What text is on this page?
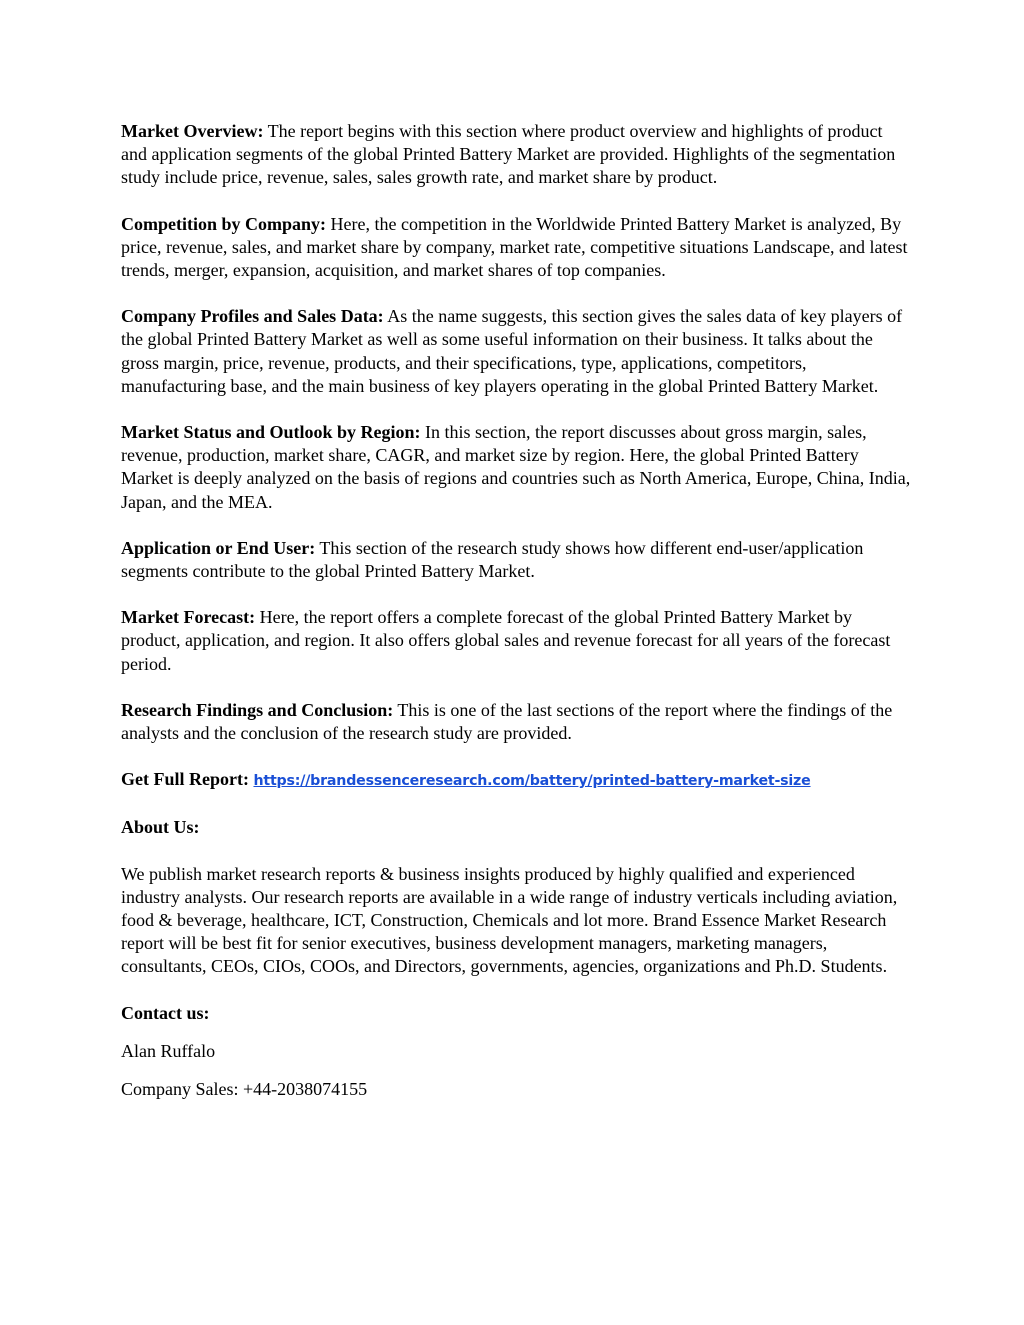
Market Overview: The report begins with this section where product overview and highlights of product and application segments of the global Printed Battery Market are provided. Highlights of the segmentation study include price, revenue, sales, sales growth rate, and market share by product.

Competition by Company: Here, the competition in the Worldwide Printed Battery Market is analyzed, By price, revenue, sales, and market share by company, market rate, competitive situations Landscape, and latest trends, merger, expansion, acquisition, and market shares of top companies.

Company Profiles and Sales Data: As the name suggests, this section gives the sales data of key players of the global Printed Battery Market as well as some useful information on their business. It talks about the gross margin, price, revenue, products, and their specifications, type, applications, competitors, manufacturing base, and the main business of key players operating in the global Printed Battery Market.

Market Status and Outlook by Region: In this section, the report discusses about gross margin, sales, revenue, production, market share, CAGR, and market size by region. Here, the global Printed Battery Market is deeply analyzed on the basis of regions and countries such as North America, Europe, China, India, Japan, and the MEA.

Application or End User: This section of the research study shows how different end-user/application segments contribute to the global Printed Battery Market.

Market Forecast: Here, the report offers a complete forecast of the global Printed Battery Market by product, application, and region. It also offers global sales and revenue forecast for all years of the forecast period.

Research Findings and Conclusion: This is one of the last sections of the report where the findings of the analysts and the conclusion of the research study are provided.

Get Full Report: https://brandessenceresearch.com/battery/printed-battery-market-size

About Us:

We publish market research reports & business insights produced by highly qualified and experienced industry analysts. Our research reports are available in a wide range of industry verticals including aviation, food & beverage, healthcare, ICT, Construction, Chemicals and lot more. Brand Essence Market Research report will be best fit for senior executives, business development managers, marketing managers, consultants, CEOs, CIOs, COOs, and Directors, governments, agencies, organizations and Ph.D. Students.

Contact us:

Alan Ruffalo

Company Sales: +44-2038074155
